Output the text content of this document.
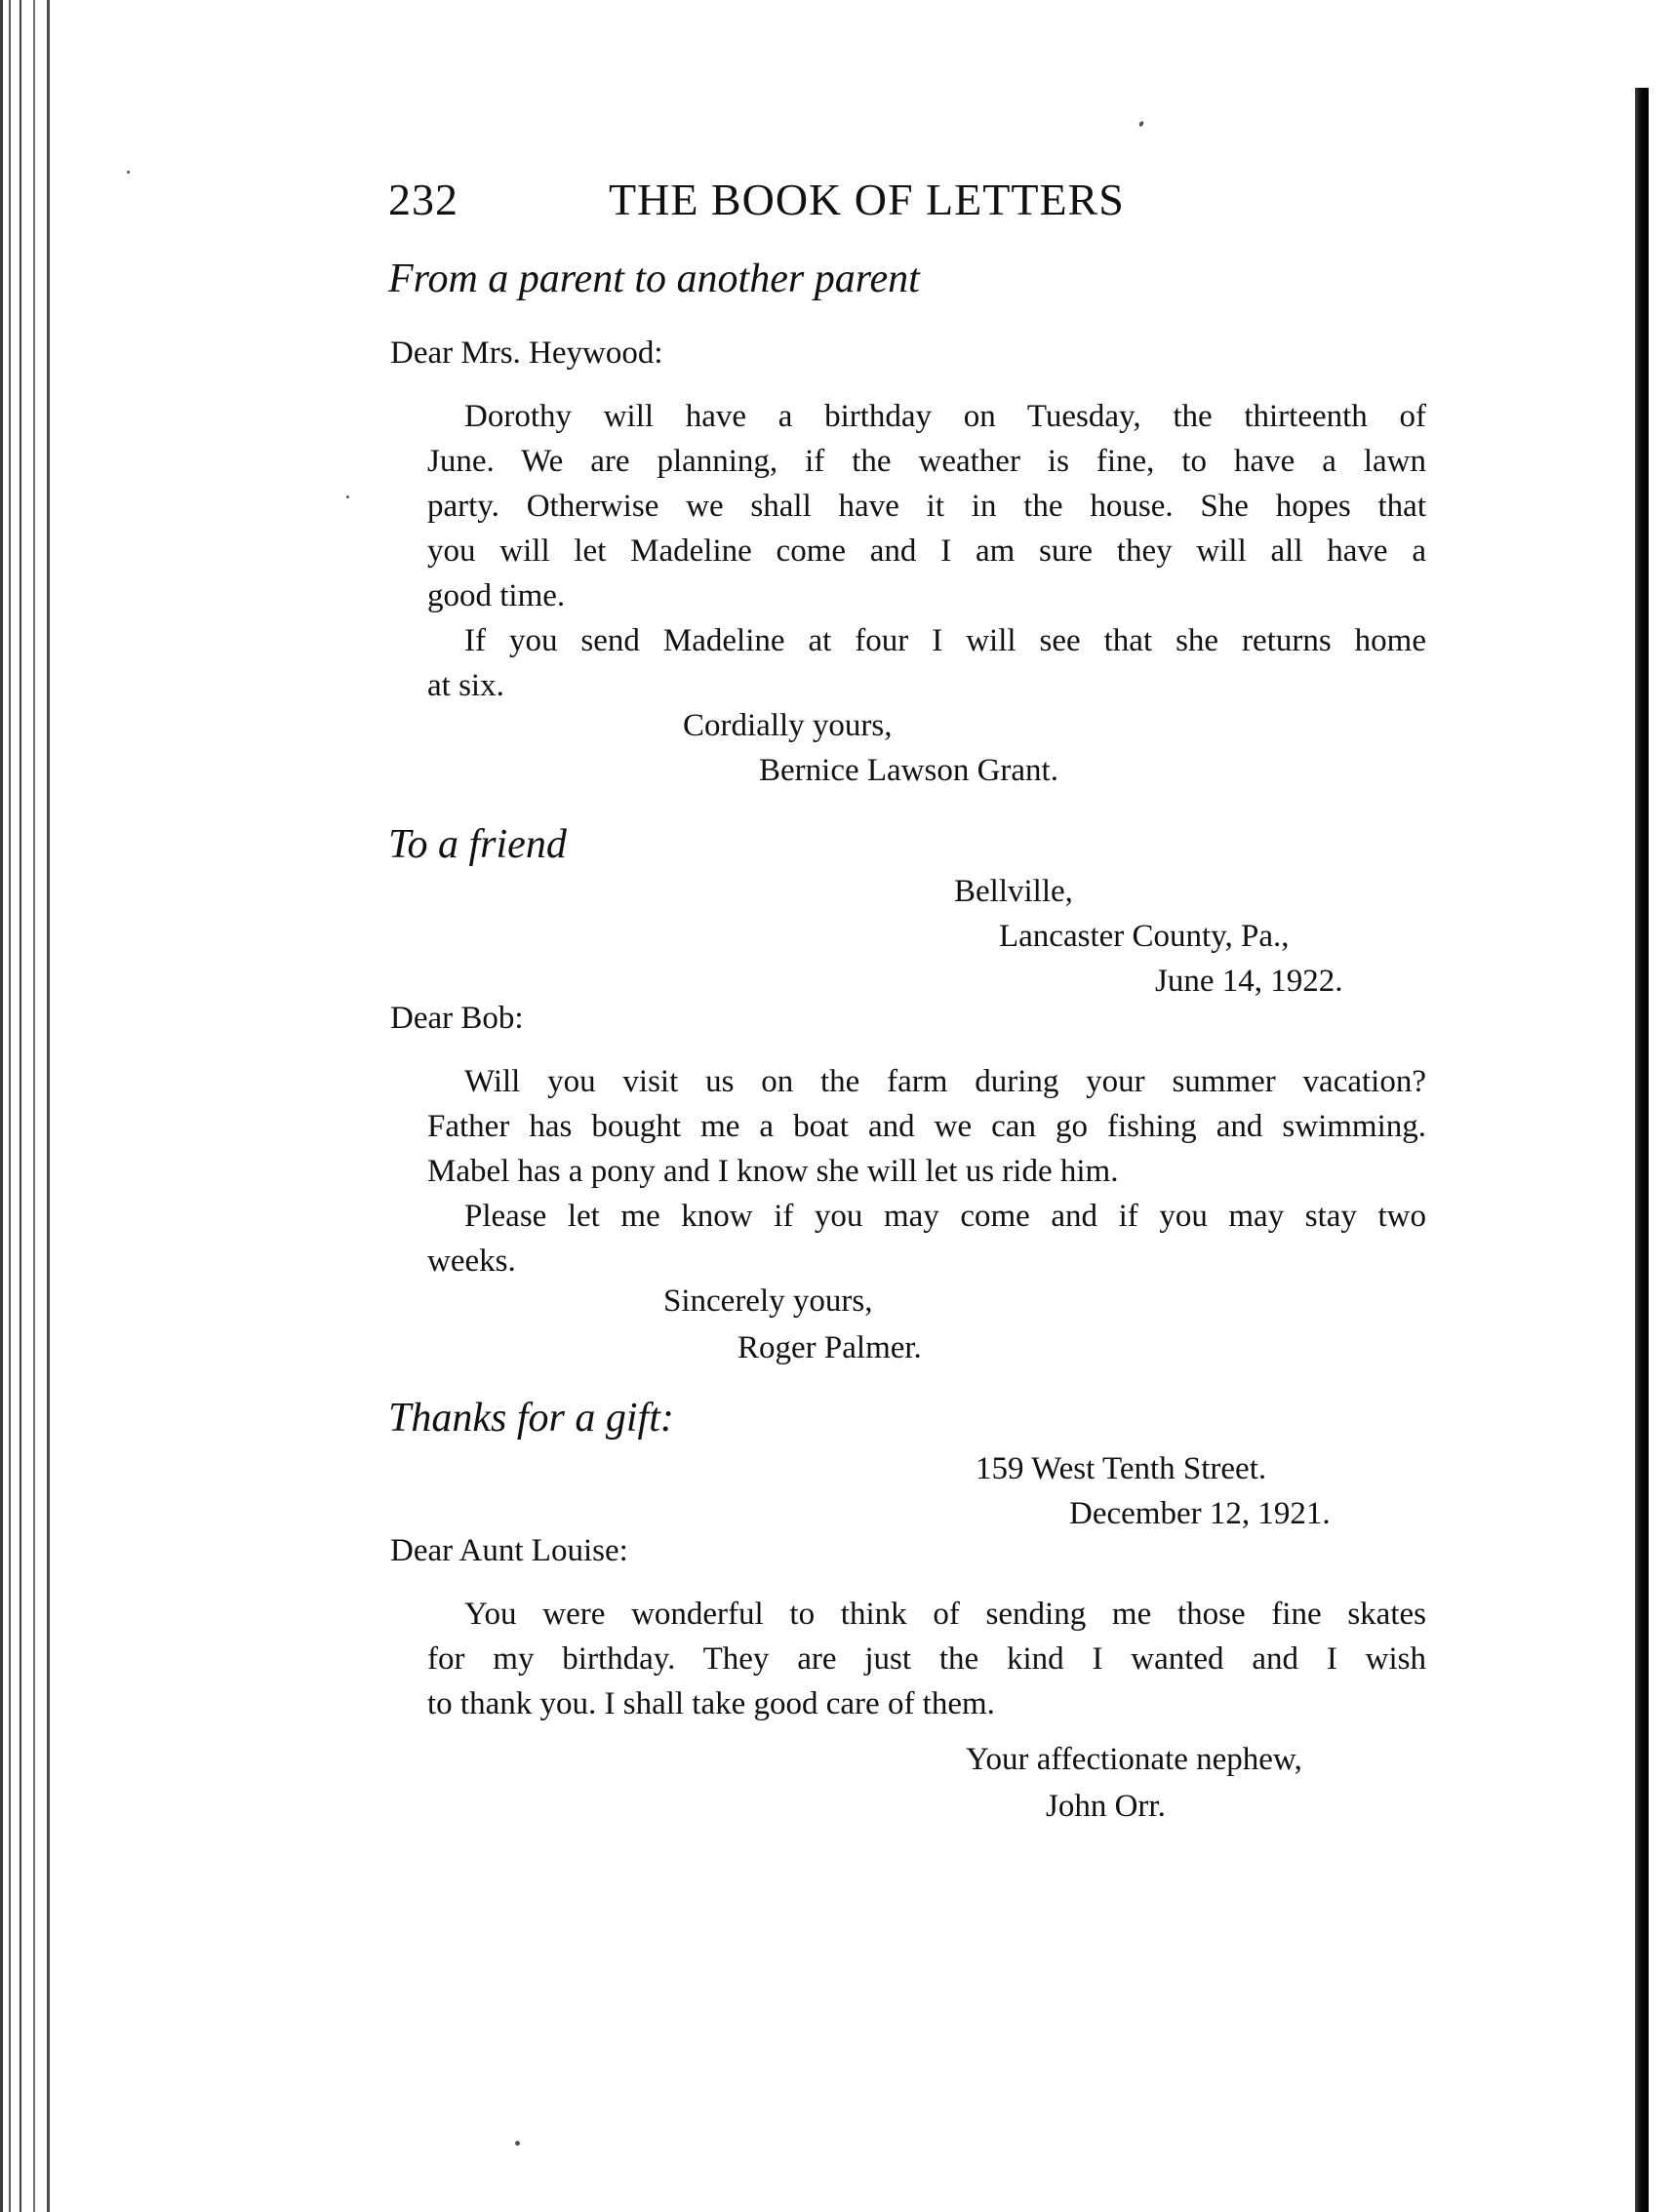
232	THE BOOK OF LETTERS
From a parent to another parent
Dear Mrs. Heywood:
Dorothy will have a birthday on Tuesday, the thirteenth of
June. We are planning, if the weather is fine, to have a lawn
party. Otherwise we shall have it in the house. She hopes that
you will let Madeline come and I am sure they will all have a
good time.
If you send Madeline at four I will see that she returns home
at six.
Cordially yours,
Bernice Lawson Grant.
To a friend
Bellville,
Lancaster County, Pa.,
June 14, 1922.
Dear Bob:
Will you visit us on the farm during your summer vacation?
Father has bought me a boat and we can go fishing and swimming.
Mabel has a pony and I know she will let us ride him.
Please let me know if you may come and if you may stay two
weeks.
Sincerely yours,
Roger Palmer.
Thanks for a gift:
159 West Tenth Street.
December 12, 1921.
Dear Aunt Louise:
You were wonderful to think of sending me those fine skates
for my birthday. They are just the kind I wanted and I wish
to thank you. I shall take good care of them.
Your affectionate nephew,
John Orr.
